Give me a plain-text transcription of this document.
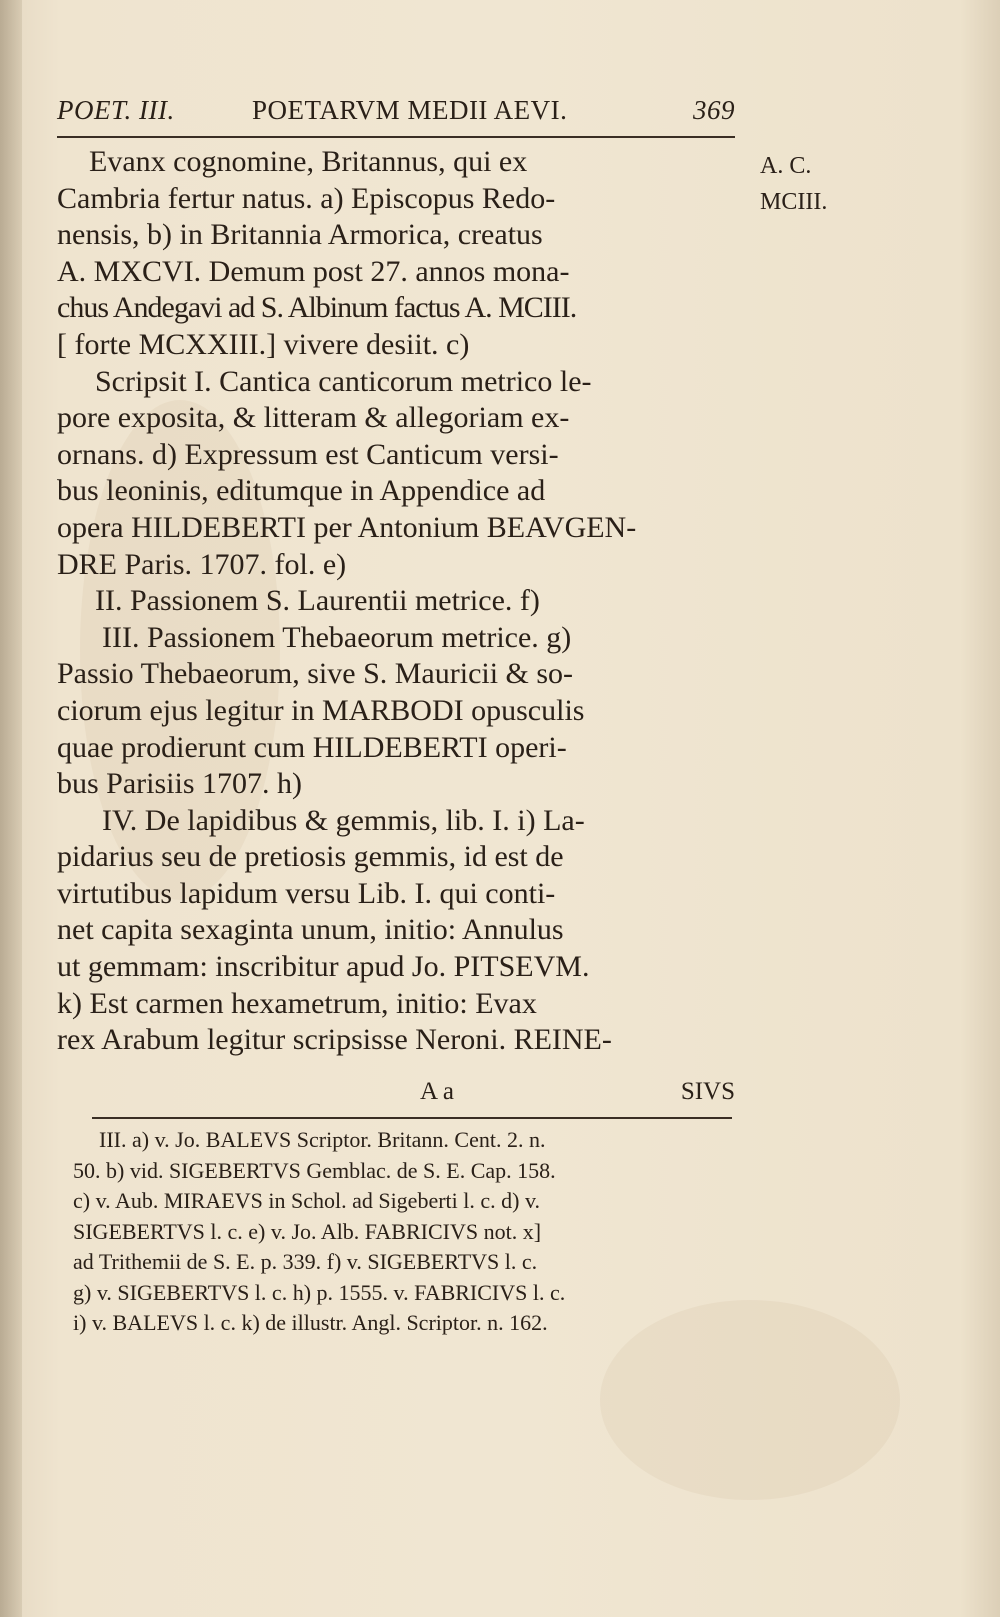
POET. III.	POETARVM MEDII AEVI.	369
A. C.
MCIII.

Evanx cognomine, Britannus, qui ex

Cambria fertur natus. a) Episcopus Redo-

nensis, b) in Britannia Armorica, creatus

A. MXCVI. Demum post 27. annos mona-

chus Andegavi ad S. Albinum factus A. MCIII.

[ forte MCXXIII.] vivere desiit. c)

Scripsit I. Cantica canticorum metrico le-

pore exposita, & litteram & allegoriam ex-

ornans. d) Expressum est Canticum versi-

bus leoninis, editumque in Appendice ad

opera HILDEBERTI per Antonium BEAVGEN-

DRE Paris. 1707. fol. e)

II. Passionem S. Laurentii metrice. f)

III. Passionem Thebaeorum metrice. g)

Passio Thebaeorum, sive S. Mauricii & so-

ciorum ejus legitur in MARBODI opusculis

quae prodierunt cum HILDEBERTI operi-

bus Parisiis 1707. h)

IV. De lapidibus & gemmis, lib. I. i) La-

pidarius seu de pretiosis gemmis, id est de

virtutibus lapidum versu Lib. I. qui conti-

net capita sexaginta unum, initio: Annulus

ut gemmam: inscribitur apud Jo. PITSEVM.

k) Est carmen hexametrum, initio: Evax

rex Arabum legitur scripsisse Neroni. REINE-

A a	SIVS

III. a) v. Jo. BALEVS Scriptor. Britann. Cent. 2. n.

50. b) vid. SIGEBERTVS Gemblac. de S. E. Cap. 158.

c) v. Aub. MIRAEVS in Schol. ad Sigeberti l. c. d) v.

SIGEBERTVS l. c. e) v. Jo. Alb. FABRICIVS not. x]

ad Trithemii de S. E. p. 339. f) v. SIGEBERTVS l. c.

g) v. SIGEBERTVS l. c. h) p. 1555. v. FABRICIVS l. c.

i) v. BALEVS l. c. k) de illustr. Angl. Scriptor. n. 162.
